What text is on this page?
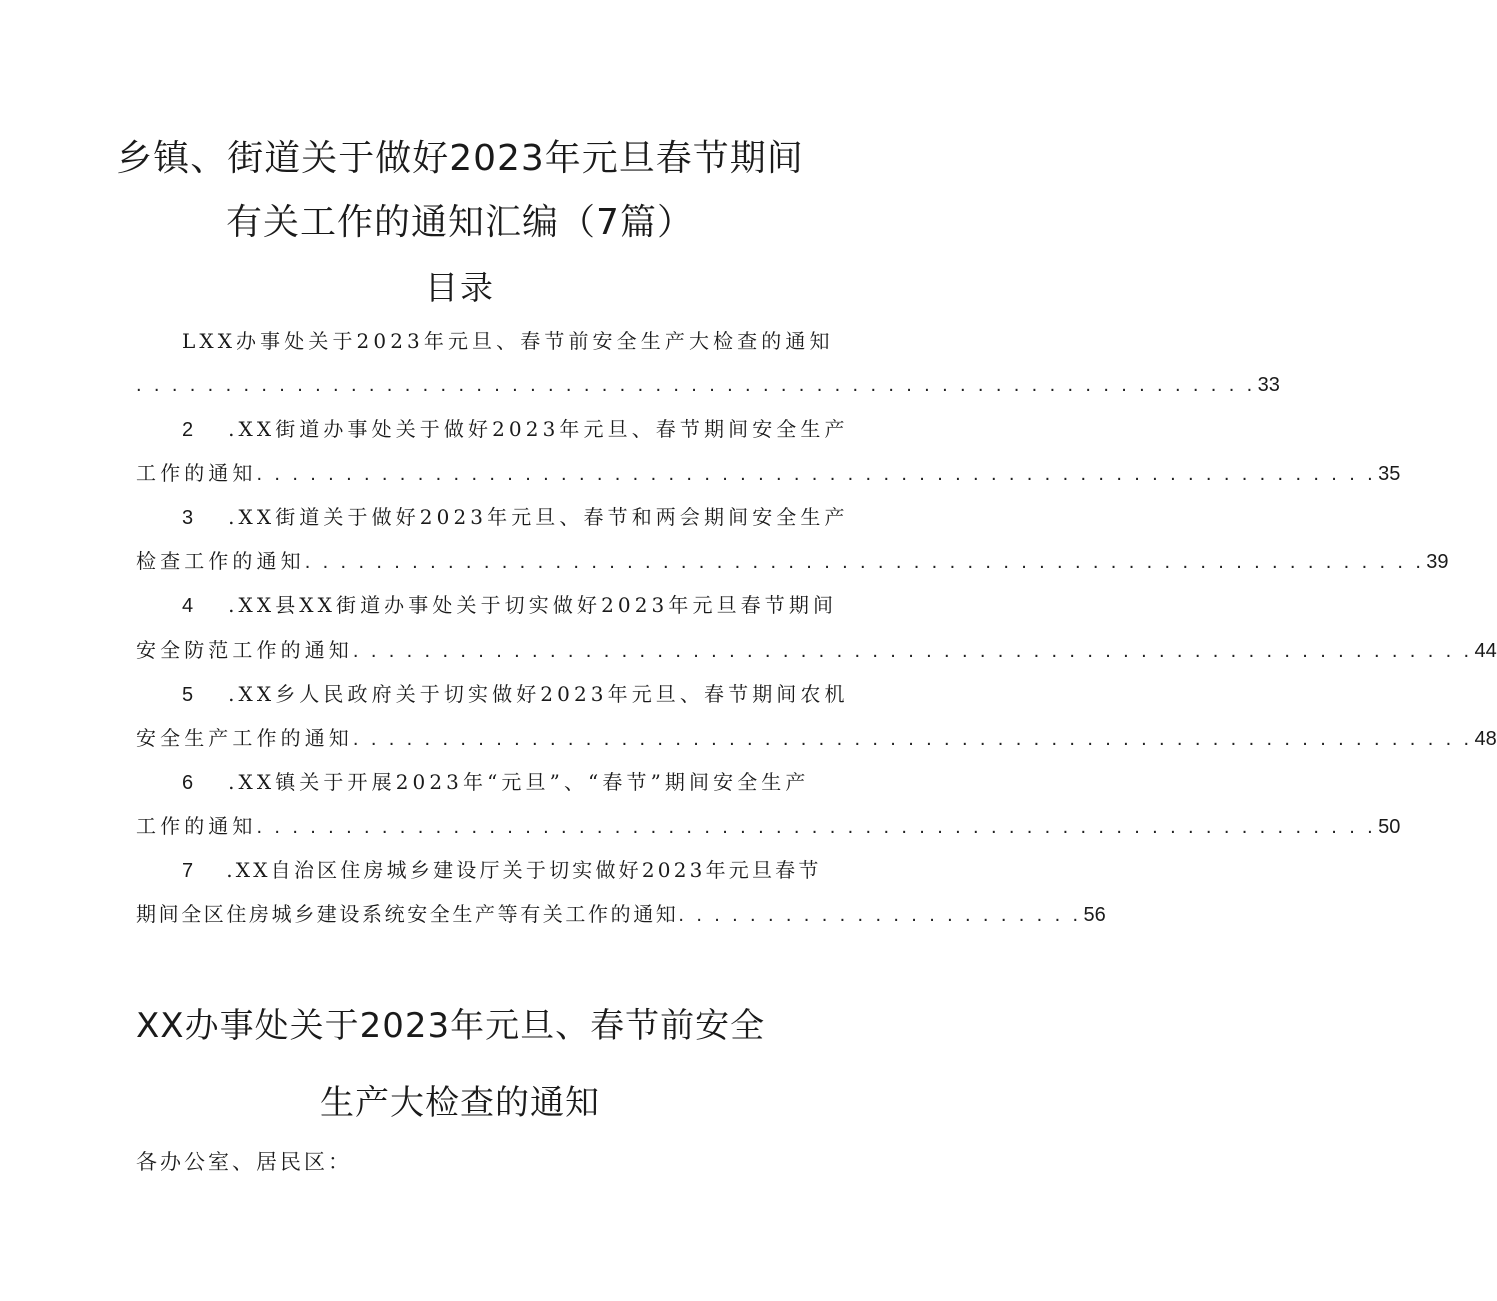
乡镇、街道关于做好2023年元旦春节期间
有关工作的通知汇编（7篇）
目录
LXX办事处关于2023年元旦、春节前安全生产大检查的通知
. . . . . . . . . . . . . . . . . . . . . . . . . . . . . . . . . . . . . . . . . . . . . . . . . . . . . . . . . . . . . . . 33
2 .XX街道办事处关于做好2023年元旦、春节期间安全生产
工作的通知 . . . . . . . . . . . . . . . . . . . . . . . . . . . . . . . . . . . . . . . . . . . . . . . . . . . . . . . . . . . . . . . 35
3 .XX街道关于做好2023年元旦、春节和两会期间安全生产
检查工作的通知 . . . . . . . . . . . . . . . . . . . . . . . . . . . . . . . . . . . . . . . . . . . . . . . . . . . . . . . . . . . . . . . 39
4 .XX县XX街道办事处关于切实做好2023年元旦春节期间
安全防范工作的通知 . . . . . . . . . . . . . . . . . . . . . . . . . . . . . . . . . . . . . . . . . . . . . . . . . . . . . . . . . . . . . . . 44
5 .XX乡人民政府关于切实做好2023年元旦、春节期间农机
安全生产工作的通知 . . . . . . . . . . . . . . . . . . . . . . . . . . . . . . . . . . . . . . . . . . . . . . . . . . . . . . . . . . . . . . . 48
6 .XX镇关于开展2023年“元旦”、“春节”期间安全生产
工作的通知 . . . . . . . . . . . . . . . . . . . . . . . . . . . . . . . . . . . . . . . . . . . . . . . . . . . . . . . . . . . . . . . 50
7 .XX自治区住房城乡建设厅关于切实做好2023年元旦春节
期间全区住房城乡建设系统安全生产等有关工作的通知 . . . . . . . . . . . . . . . . . . . . . . . 56
XX办事处关于2023年元旦、春节前安全
生产大检查的通知
各办公室、居民区：
